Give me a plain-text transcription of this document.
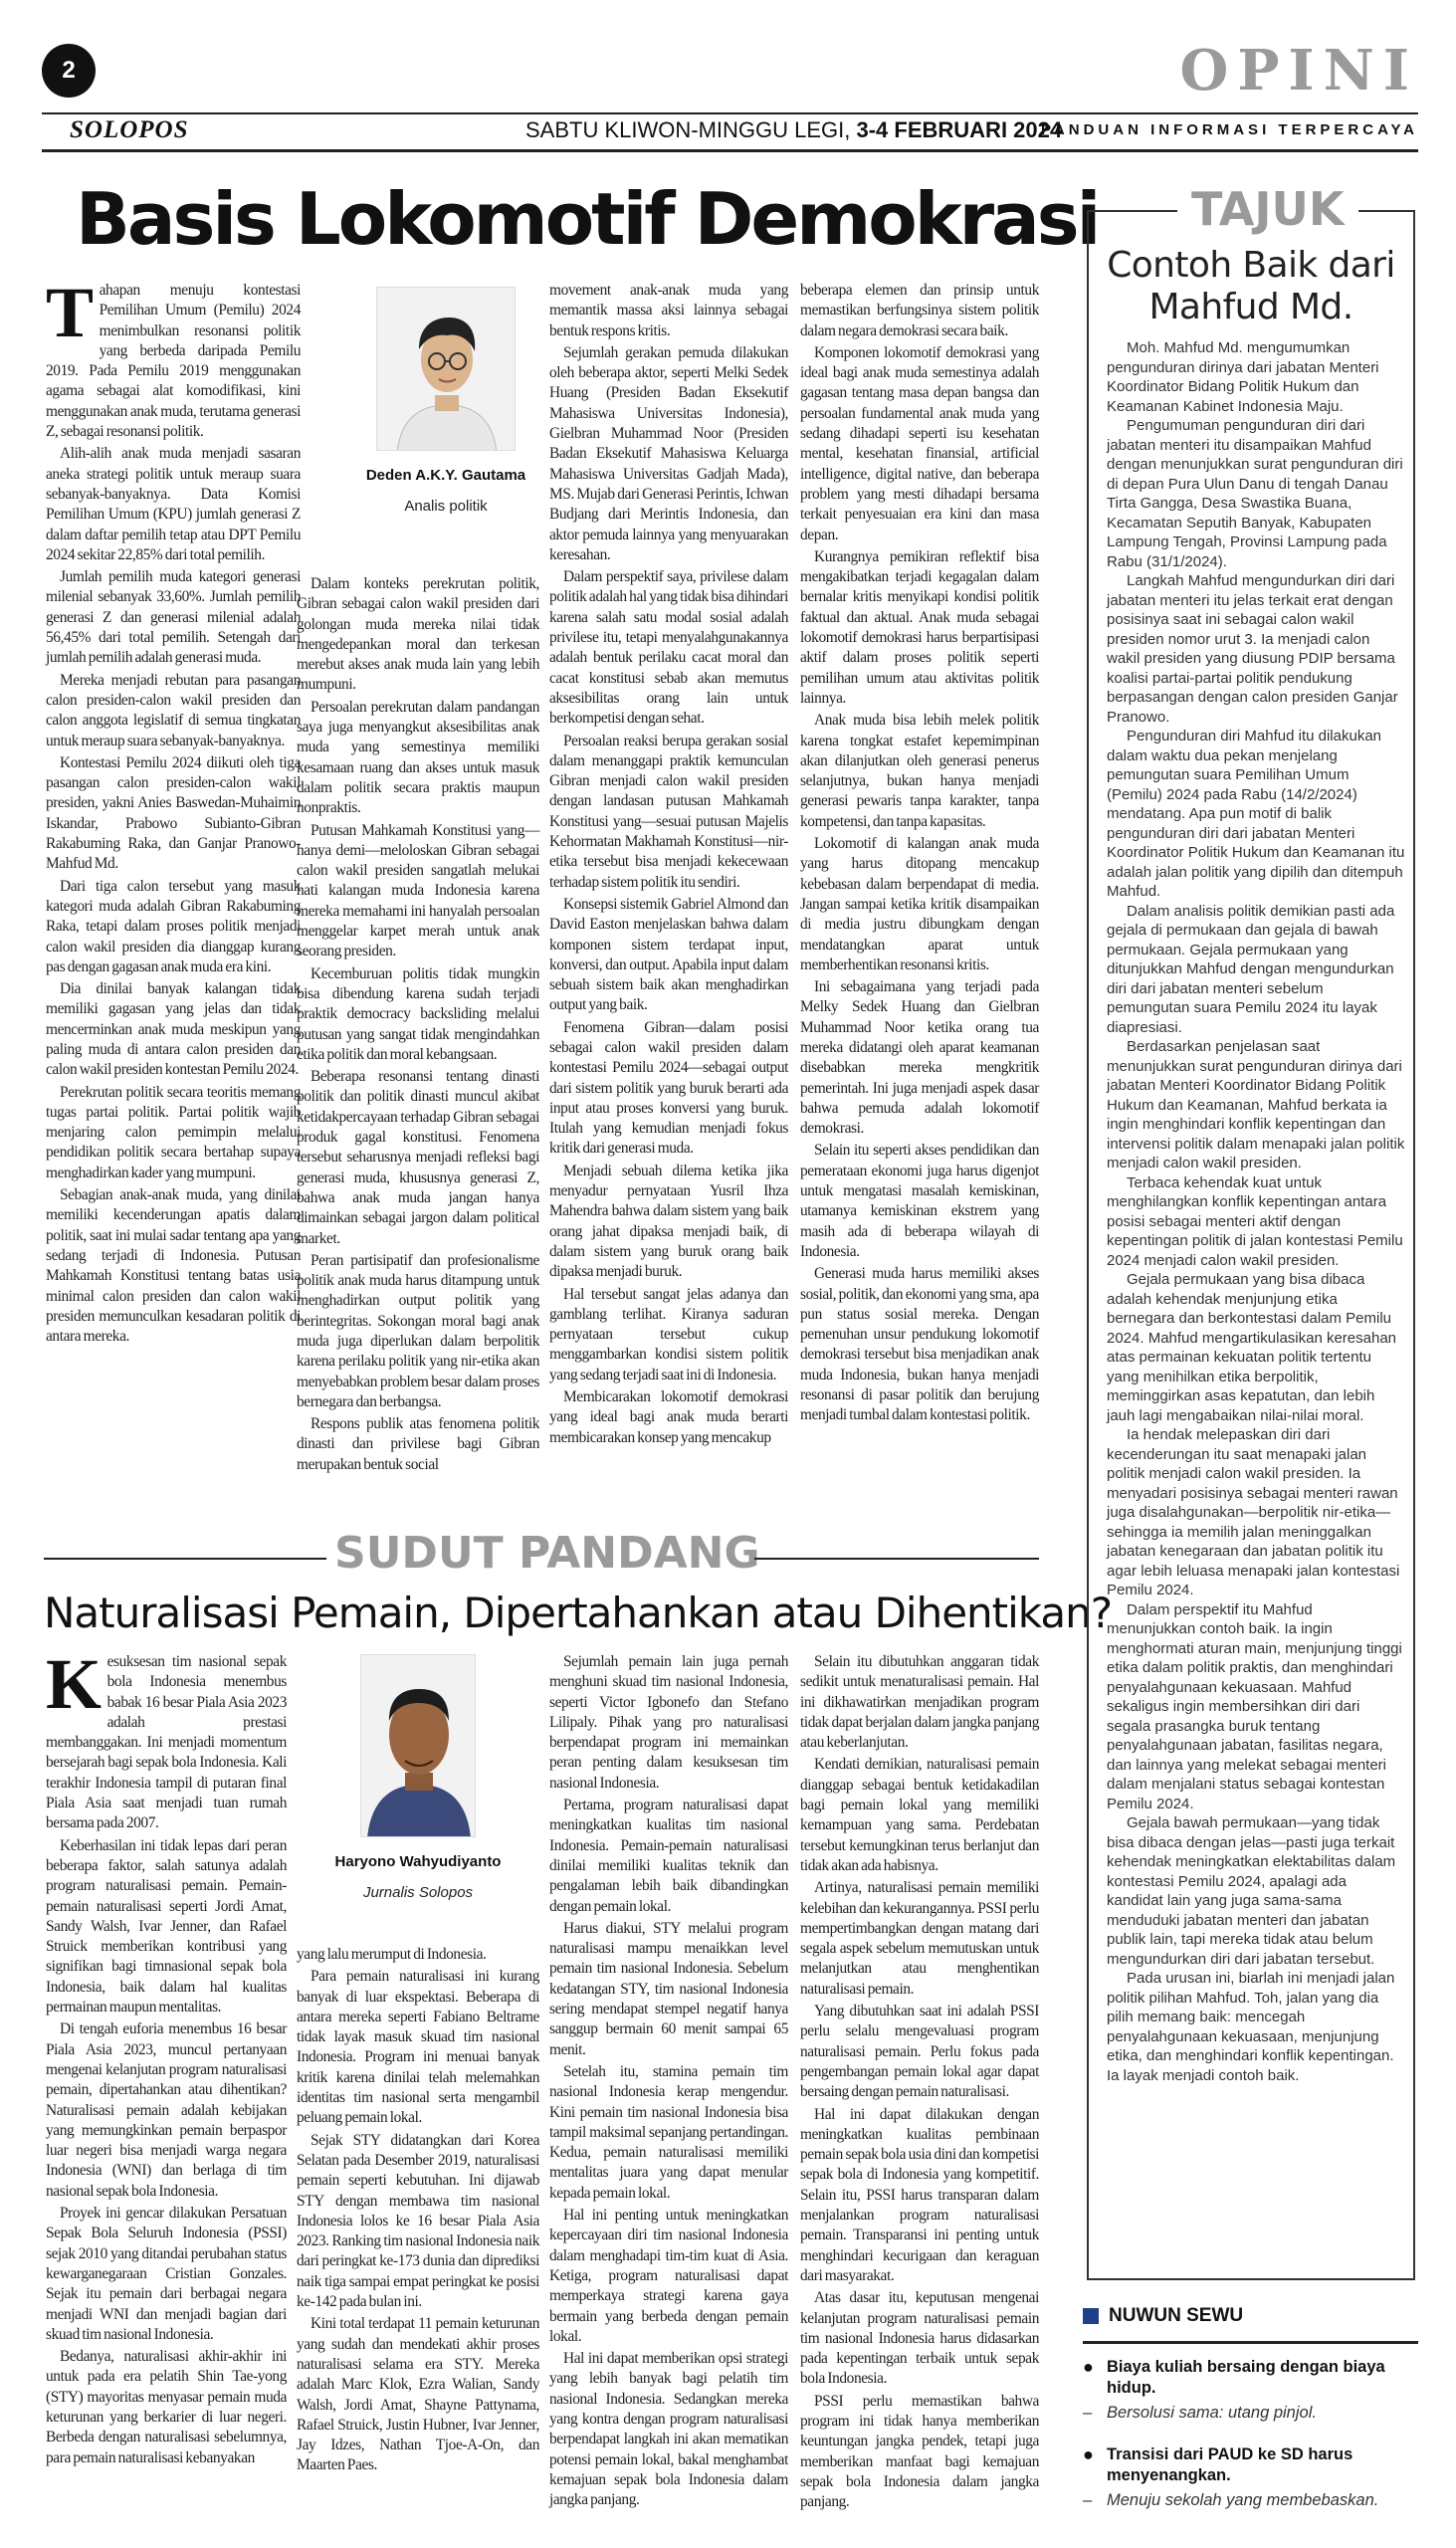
2	OPINI
SOLOPOS	SABTU KLIWON-MINGGU LEGI, 3-4 FEBRUARI 2024
PANDUAN INFORMASI TERPERCAYA
Basis Lokomotif Demokrasi

Tahapan menuju kontestasi Pemilihan Umum (Pemilu) 2024 menimbulkan resonansi politik yang berbeda daripada Pemilu 2019. Pada Pemilu 2019 menggunakan agama sebagai alat komodifikasi, kini menggunakan anak muda, terutama generasi Z, sebagai resonansi politik.

Alih-alih anak muda menjadi sasaran aneka strategi politik untuk meraup suara sebanyak-banyaknya. Data Komisi Pemilihan Umum (KPU) jumlah generasi Z dalam daftar pemilih tetap atau DPT Pemilu 2024 sekitar 22,85% dari total pemilih.

Jumlah pemilih muda kategori generasi milenial sebanyak 33,60%. Jumlah pemilih generasi Z dan generasi milenial adalah 56,45% dari total pemilih. Setengah dari jumlah pemilih adalah generasi muda.

Mereka menjadi rebutan para pasangan calon presiden-calon wakil presiden dan calon anggota legislatif di semua tingkatan untuk meraup suara sebanyak-banyaknya.

Kontestasi Pemilu 2024 diikuti oleh tiga pasangan calon presiden-calon wakil presiden, yakni Anies Baswedan-Muhaimin Iskandar, Prabowo Subianto-Gibran Rakabuming Raka, dan Ganjar Pranowo-Mahfud Md.

Dari tiga calon tersebut yang masuk kategori muda adalah Gibran Rakabuming Raka, tetapi dalam proses politik menjadi calon wakil presiden dia dianggap kurang pas dengan gagasan anak muda era kini.

Dia dinilai banyak kalangan tidak memiliki gagasan yang jelas dan tidak mencerminkan anak muda meskipun yang paling muda di antara calon presiden dan calon wakil presiden kontestan Pemilu 2024.

Perekrutan politik secara teoritis memang tugas partai politik. Partai politik wajib menjaring calon pemimpin melalui pendidikan politik secara bertahap supaya menghadirkan kader yang mumpuni.

Sebagian anak-anak muda, yang dinilai memiliki kecenderungan apatis dalam politik, saat ini mulai sadar tentang apa yang sedang terjadi di Indonesia. Putusan Mahkamah Konstitusi tentang batas usia minimal calon presiden dan calon wakil presiden memunculkan kesadaran politik di antara mereka.

Deden A.K.Y. Gautama
Analis politik

Dalam konteks perekrutan politik, Gibran sebagai calon wakil presiden dari golongan muda mereka nilai tidak mengedepankan moral dan terkesan merebut akses anak muda lain yang lebih mumpuni.

Persoalan perekrutan dalam pandangan saya juga menyangkut aksesibilitas anak muda yang semestinya memiliki kesamaan ruang dan akses untuk masuk dalam politik secara praktis maupun nonpraktis.

Putusan Mahkamah Konstitusi yang—hanya demi—meloloskan Gibran sebagai calon wakil presiden sangatlah melukai hati kalangan muda Indonesia karena mereka memahami ini hanyalah persoalan menggelar karpet merah untuk anak seorang presiden.

Kecemburuan politis tidak mungkin bisa dibendung karena sudah terjadi praktik democracy backsliding melalui putusan yang sangat tidak mengindahkan etika politik dan moral kebangsaan.

Beberapa resonansi tentang dinasti politik dan politik dinasti muncul akibat ketidakpercayaan terhadap Gibran sebagai produk gagal konstitusi. Fenomena tersebut seharusnya menjadi refleksi bagi generasi muda, khususnya generasi Z, bahwa anak muda jangan hanya dimainkan sebagai jargon dalam political market.

Peran partisipatif dan profesionalisme politik anak muda harus ditampung untuk menghadirkan output politik yang berintegritas. Sokongan moral bagi anak muda juga diperlukan dalam berpolitik karena perilaku politik yang nir-etika akan menyebabkan problem besar dalam proses bernegara dan berbangsa.

Respons publik atas fenomena politik dinasti dan privilese bagi Gibran merupakan bentuk social

movement anak-anak muda yang memantik massa aksi lainnya sebagai bentuk respons kritis.

Sejumlah gerakan pemuda dilakukan oleh beberapa aktor, seperti Melki Sedek Huang (Presiden Badan Eksekutif Mahasiswa Universitas Indonesia), Gielbran Muhammad Noor (Presiden Badan Eksekutif Mahasiswa Keluarga Mahasiswa Universitas Gadjah Mada), MS. Mujab dari Generasi Perintis, Ichwan Budjang dari Merintis Indonesia, dan aktor pemuda lainnya yang menyuarakan keresahan.

Dalam perspektif saya, privilese dalam politik adalah hal yang tidak bisa dihindari karena salah satu modal sosial adalah privilese itu, tetapi menyalahgunakannya adalah bentuk perilaku cacat moral dan cacat konstitusi sebab akan memutus aksesibilitas orang lain untuk berkompetisi dengan sehat.

Persoalan reaksi berupa gerakan sosial dalam menanggapi praktik kemunculan Gibran menjadi calon wakil presiden dengan landasan putusan Mahkamah Konstitusi yang—sesuai putusan Majelis Kehormatan Makhamah Konstitusi—nir-etika tersebut bisa menjadi kekecewaan terhadap sistem politik itu sendiri.

Konsepsi sistemik Gabriel Almond dan David Easton menjelaskan bahwa dalam komponen sistem terdapat input, konversi, dan output. Apabila input dalam sebuah sistem baik akan menghadirkan output yang baik.

Fenomena Gibran—dalam posisi sebagai calon wakil presiden dalam kontestasi Pemilu 2024—sebagai output dari sistem politik yang buruk berarti ada input atau proses konversi yang buruk. Itulah yang kemudian menjadi fokus kritik dari generasi muda.

Menjadi sebuah dilema ketika jika menyadur pernyataan Yusril Ihza Mahendra bahwa dalam sistem yang baik orang jahat dipaksa menjadi baik, di dalam sistem yang buruk orang baik dipaksa menjadi buruk.

Hal tersebut sangat jelas adanya dan gamblang terlihat. Kiranya saduran pernyataan tersebut cukup menggambarkan kondisi sistem politik yang sedang terjadi saat ini di Indonesia.

Membicarakan lokomotif demokrasi yang ideal bagi anak muda berarti membicarakan konsep yang mencakup

beberapa elemen dan prinsip untuk memastikan berfungsinya sistem politik dalam negara demokrasi secara baik.

Komponen lokomotif demokrasi yang ideal bagi anak muda semestinya adalah gagasan tentang masa depan bangsa dan persoalan fundamental anak muda yang sedang dihadapi seperti isu kesehatan mental, kesehatan finansial, artificial intelligence, digital native, dan beberapa problem yang mesti dihadapi bersama terkait penyesuaian era kini dan masa depan.

Kurangnya pemikiran reflektif bisa mengakibatkan terjadi kegagalan dalam bernalar kritis menyikapi kondisi politik faktual dan aktual. Anak muda sebagai lokomotif demokrasi harus berpartisipasi aktif dalam proses politik seperti pemilihan umum atau aktivitas politik lainnya.

Anak muda bisa lebih melek politik karena tongkat estafet kepemimpinan akan dilanjutkan oleh generasi penerus selanjutnya, bukan hanya menjadi generasi pewaris tanpa karakter, tanpa kompetensi, dan tanpa kapasitas.

Lokomotif di kalangan anak muda yang harus ditopang mencakup kebebasan dalam berpendapat di media. Jangan sampai ketika kritik disampaikan di media justru dibungkam dengan mendatangkan aparat untuk memberhentikan resonansi kritis.

Ini sebagaimana yang terjadi pada Melky Sedek Huang dan Gielbran Muhammad Noor ketika orang tua mereka didatangi oleh aparat keamanan disebabkan mereka mengkritik pemerintah. Ini juga menjadi aspek dasar bahwa pemuda adalah lokomotif demokrasi.

Selain itu seperti akses pendidikan dan pemerataan ekonomi juga harus digenjot untuk mengatasi masalah kemiskinan, utamanya kemiskinan ekstrem yang masih ada di beberapa wilayah di Indonesia.

Generasi muda harus memiliki akses sosial, politik, dan ekonomi yang sma, apa pun status sosial mereka. Dengan pemenuhan unsur pendukung lokomotif demokrasi tersebut bisa menjadikan anak muda Indonesia, bukan hanya menjadi resonansi di pasar politik dan berujung menjadi tumbal dalam kontestasi politik.

SUDUT PANDANG
Naturalisasi Pemain, Dipertahankan atau Dihentikan?

Kesuksesan tim nasional sepak bola Indonesia menembus babak 16 besar Piala Asia 2023 adalah prestasi membanggakan. Ini menjadi momentum bersejarah bagi sepak bola Indonesia. Kali terakhir Indonesia tampil di putaran final Piala Asia saat menjadi tuan rumah bersama pada 2007.

Keberhasilan ini tidak lepas dari peran beberapa faktor, salah satunya adalah program naturalisasi pemain. Pemain-pemain naturalisasi seperti Jordi Amat, Sandy Walsh, Ivar Jenner, dan Rafael Struick memberikan kontribusi yang signifikan bagi timnasional sepak bola Indonesia, baik dalam hal kualitas permainan maupun mentalitas.

Di tengah euforia menembus 16 besar Piala Asia 2023, muncul pertanyaan mengenai kelanjutan program naturalisasi pemain, dipertahankan atau dihentikan? Naturalisasi pemain adalah kebijakan yang memungkinkan pemain berpaspor luar negeri bisa menjadi warga negara Indonesia (WNI) dan berlaga di tim nasional sepak bola Indonesia.

Proyek ini gencar dilakukan Persatuan Sepak Bola Seluruh Indonesia (PSSI) sejak 2010 yang ditandai perubahan status kewarganegaraan Cristian Gonzales. Sejak itu pemain dari berbagai negara menjadi WNI dan menjadi bagian dari skuad tim nasional Indonesia.

Bedanya, naturalisasi akhir-akhir ini untuk pada era pelatih Shin Tae-yong (STY) mayoritas menyasar pemain muda keturunan yang berkarier di luar negeri. Berbeda dengan naturalisasi sebelumnya, para pemain naturalisasi kebanyakan

Haryono Wahyudiyanto
Jurnalis Solopos

yang lalu merumput di Indonesia.

Para pemain naturalisasi ini kurang banyak di luar ekspektasi. Beberapa di antara mereka seperti Fabiano Beltrame tidak layak masuk skuad tim nasional Indonesia. Program ini menuai banyak kritik karena dinilai telah melemahkan identitas tim nasional serta mengambil peluang pemain lokal.

Sejak STY didatangkan dari Korea Selatan pada Desember 2019, naturalisasi pemain seperti kebutuhan. Ini dijawab STY dengan membawa tim nasional Indonesia lolos ke 16 besar Piala Asia 2023. Ranking tim nasional Indonesia naik dari peringkat ke-173 dunia dan diprediksi naik tiga sampai empat peringkat ke posisi ke-142 pada bulan ini.

Kini total terdapat 11 pemain keturunan yang sudah dan mendekati akhir proses naturalisasi selama era STY. Mereka adalah Marc Klok, Ezra Walian, Sandy Walsh, Jordi Amat, Shayne Pattynama, Rafael Struick, Justin Hubner, Ivar Jenner, Jay Idzes, Nathan Tjoe-A-On, dan Maarten Paes.

Sejumlah pemain lain juga pernah menghuni skuad tim nasional Indonesia, seperti Victor Igbonefo dan Stefano Lilipaly. Pihak yang pro naturalisasi berpendapat program ini memainkan peran penting dalam kesuksesan tim nasional Indonesia.

Pertama, program naturalisasi dapat meningkatkan kualitas tim nasional Indonesia. Pemain-pemain naturalisasi dinilai memiliki kualitas teknik dan pengalaman lebih baik dibandingkan dengan pemain lokal.

Harus diakui, STY melalui program naturalisasi mampu menaikkan level pemain tim nasional Indonesia. Sebelum kedatangan STY, tim nasional Indonesia sering mendapat stempel negatif hanya sanggup bermain 60 menit sampai 65 menit.

Setelah itu, stamina pemain tim nasional Indonesia kerap mengendur. Kini pemain tim nasional Indonesia bisa tampil maksimal sepanjang pertandingan. Kedua, pemain naturalisasi memiliki mentalitas juara yang dapat menular kepada pemain lokal.

Hal ini penting untuk meningkatkan kepercayaan diri tim nasional Indonesia dalam menghadapi tim-tim kuat di Asia. Ketiga, program naturalisasi dapat memperkaya strategi karena gaya bermain yang berbeda dengan pemain lokal.

Hal ini dapat memberikan opsi strategi yang lebih banyak bagi pelatih tim nasional Indonesia. Sedangkan mereka yang kontra dengan program naturalisasi berpendapat langkah ini akan mematikan potensi pemain lokal, bakal menghambat kemajuan sepak bola Indonesia dalam jangka panjang.

Selain itu dibutuhkan anggaran tidak sedikit untuk menaturalisasi pemain. Hal ini dikhawatirkan menjadikan program tidak dapat berjalan dalam jangka panjang atau keberlanjutan.

Kendati demikian, naturalisasi pemain dianggap sebagai bentuk ketidakadilan bagi pemain lokal yang memiliki kemampuan yang sama. Perdebatan tersebut kemungkinan terus berlanjut dan tidak akan ada habisnya.

Artinya, naturalisasi pemain memiliki kelebihan dan kekurangannya. PSSI perlu mempertimbangkan dengan matang dari segala aspek sebelum memutuskan untuk melanjutkan atau menghentikan naturalisasi pemain.

Yang dibutuhkan saat ini adalah PSSI perlu selalu mengevaluasi program naturalisasi pemain. Perlu fokus pada pengembangan pemain lokal agar dapat bersaing dengan pemain naturalisasi.

Hal ini dapat dilakukan dengan meningkatkan kualitas pembinaan pemain sepak bola usia dini dan kompetisi sepak bola di Indonesia yang kompetitif. Selain itu, PSSI harus transparan dalam menjalankan program naturalisasi pemain. Transparansi ini penting untuk menghindari kecurigaan dan keraguan dari masyarakat.

Atas dasar itu, keputusan mengenai kelanjutan program naturalisasi pemain tim nasional Indonesia harus didasarkan pada kepentingan terbaik untuk sepak bola Indonesia.

PSSI perlu memastikan bahwa program ini tidak hanya memberikan keuntungan jangka pendek, tetapi juga memberikan manfaat bagi kemajuan sepak bola Indonesia dalam jangka panjang.

TAJUK
Contoh Baik dari Mahfud Md.

Moh. Mahfud Md. mengumumkan pengunduran dirinya dari jabatan Menteri Koordinator Bidang Politik Hukum dan Keamanan Kabinet Indonesia Maju.

Pengumuman pengunduran diri dari jabatan menteri itu disampaikan Mahfud dengan menunjukkan surat pengunduran diri di depan Pura Ulun Danu di tengah Danau Tirta Gangga, Desa Swastika Buana, Kecamatan Seputih Banyak, Kabupaten Lampung Tengah, Provinsi Lampung pada Rabu (31/1/2024).

Langkah Mahfud mengundurkan diri dari jabatan menteri itu jelas terkait erat dengan posisinya saat ini sebagai calon wakil presiden nomor urut 3. Ia menjadi calon wakil presiden yang diusung PDIP bersama koalisi partai-partai politik pendukung berpasangan dengan calon presiden Ganjar Pranowo.

Pengunduran diri Mahfud itu dilakukan dalam waktu dua pekan menjelang pemungutan suara Pemilihan Umum (Pemilu) 2024 pada Rabu (14/2/2024) mendatang. Apa pun motif di balik pengunduran diri dari jabatan Menteri Koordinator Politik Hukum dan Keamanan itu adalah jalan politik yang dipilih dan ditempuh Mahfud.

Dalam analisis politik demikian pasti ada gejala di permukaan dan gejala di bawah permukaan. Gejala permukaan yang ditunjukkan Mahfud dengan mengundurkan diri dari jabatan menteri sebelum pemungutan suara Pemilu 2024 itu layak diapresiasi.

Berdasarkan penjelasan saat menunjukkan surat pengunduran dirinya dari jabatan Menteri Koordinator Bidang Politik Hukum dan Keamanan, Mahfud berkata ia ingin menghindari konflik kepentingan dan intervensi politik dalam menapaki jalan politik menjadi calon wakil presiden.

Terbaca kehendak kuat untuk menghilangkan konflik kepentingan antara posisi sebagai menteri aktif dengan kepentingan politik di jalan kontestasi Pemilu 2024 menjadi calon wakil presiden.

Gejala permukaan yang bisa dibaca adalah kehendak menjunjung etika bernegara dan berkontestasi dalam Pemilu 2024. Mahfud mengartikulasikan keresahan atas permainan kekuatan politik tertentu yang menihilkan etika berpolitik, meminggirkan asas kepatutan, dan lebih jauh lagi mengabaikan nilai-nilai moral.

Ia hendak melepaskan diri dari kecenderungan itu saat menapaki jalan politik menjadi calon wakil presiden. Ia menyadari posisinya sebagai menteri rawan juga disalahgunakan—berpolitik nir-etika—sehingga ia memilih jalan meninggalkan jabatan kenegaraan dan jabatan politik itu agar lebih leluasa menapaki jalan kontestasi Pemilu 2024.

Dalam perspektif itu Mahfud menunjukkan contoh baik. Ia ingin menghormati aturan main, menjunjung tinggi etika dalam politik praktis, dan menghindari penyalahgunaan kekuasaan. Mahfud sekaligus ingin membersihkan diri dari segala prasangka buruk tentang penyalahgunaan jabatan, fasilitas negara, dan lainnya yang melekat sebagai menteri dalam menjalani status sebagai kontestan Pemilu 2024.

Gejala bawah permukaan—yang tidak bisa dibaca dengan jelas—pasti juga terkait kehendak meningkatkan elektabilitas dalam kontestasi Pemilu 2024, apalagi ada kandidat lain yang juga sama-sama menduduki jabatan menteri dan jabatan publik lain, tapi mereka tidak atau belum mengundurkan diri dari jabatan tersebut.

Pada urusan ini, biarlah ini menjadi jalan politik pilihan Mahfud. Toh, jalan yang dia pilih memang baik: mencegah penyalahgunaan kekuasaan, menjunjung etika, dan menghindari konflik kepentingan. Ia layak menjadi contoh baik.

NUWUN SEWU
● Biaya kuliah bersaing dengan biaya hidup.
– Bersolusi sama: utang pinjol.
● Transisi dari PAUD ke SD harus menyenangkan.
– Menuju sekolah yang membebaskan.
